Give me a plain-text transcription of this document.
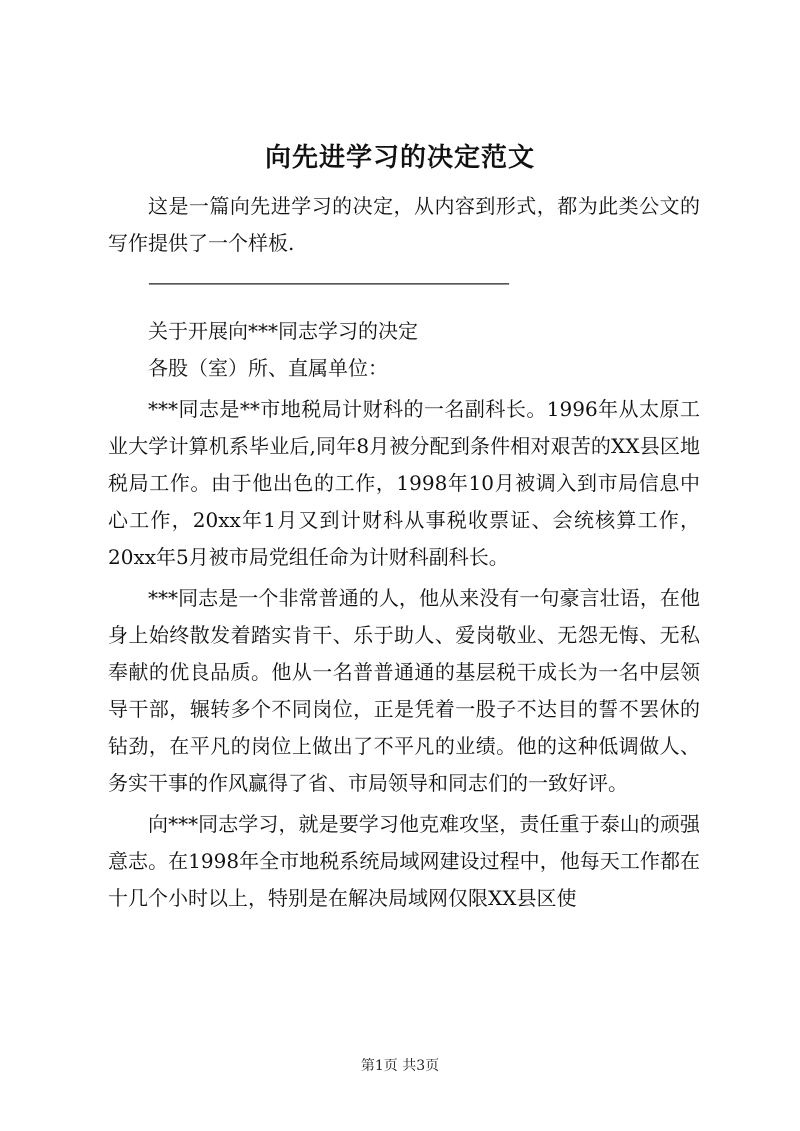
向先进学习的决定范文

这是一篇向先进学习的决定，从内容到形式，都为此类公文的写作提供了一个样板.

————————————————————

关于开展向***同志学习的决定

各股（室）所、直属单位：

***同志是**市地税局计财科的一名副科长。1996年从太原工业大学计算机系毕业后,同年8月被分配到条件相对艰苦的XX县区地税局工作。由于他出色的工作，1998年10月被调入到市局信息中心工作，20xx年1月又到计财科从事税收票证、会统核算工作，20xx年5月被市局党组任命为计财科副科长。

***同志是一个非常普通的人，他从来没有一句豪言壮语，在他身上始终散发着踏实肯干、乐于助人、爱岗敬业、无怨无悔、无私奉献的优良品质。他从一名普普通通的基层税干成长为一名中层领导干部，辗转多个不同岗位，正是凭着一股子不达目的誓不罢休的钻劲，在平凡的岗位上做出了不平凡的业绩。他的这种低调做人、务实干事的作风赢得了省、市局领导和同志们的一致好评。

向***同志学习，就是要学习他克难攻坚，责任重于泰山的顽强意志。在1998年全市地税系统局域网建设过程中，他每天工作都在十几个小时以上，特别是在解决局域网仅限XX县区使

第1页 共3页
